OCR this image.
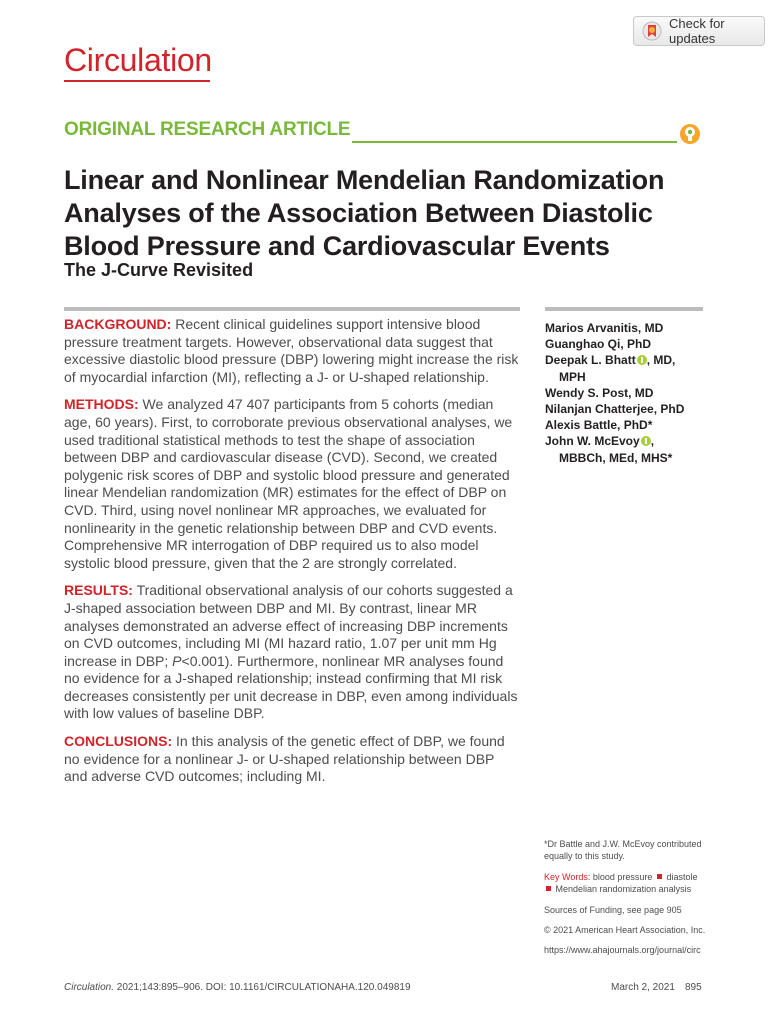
Circulation
Check for updates
ORIGINAL RESEARCH ARTICLE
Linear and Nonlinear Mendelian Randomization Analyses of the Association Between Diastolic Blood Pressure and Cardiovascular Events
The J-Curve Revisited

BACKGROUND: Recent clinical guidelines support intensive blood pressure treatment targets. However, observational data suggest that excessive diastolic blood pressure (DBP) lowering might increase the risk of myocardial infarction (MI), reflecting a J- or U-shaped relationship.

METHODS: We analyzed 47 407 participants from 5 cohorts (median age, 60 years). First, to corroborate previous observational analyses, we used traditional statistical methods to test the shape of association between DBP and cardiovascular disease (CVD). Second, we created polygenic risk scores of DBP and systolic blood pressure and generated linear Mendelian randomization (MR) estimates for the effect of DBP on CVD. Third, using novel nonlinear MR approaches, we evaluated for nonlinearity in the genetic relationship between DBP and CVD events. Comprehensive MR interrogation of DBP required us to also model systolic blood pressure, given that the 2 are strongly correlated.

RESULTS: Traditional observational analysis of our cohorts suggested a J-shaped association between DBP and MI. By contrast, linear MR analyses demonstrated an adverse effect of increasing DBP increments on CVD outcomes, including MI (MI hazard ratio, 1.07 per unit mm Hg increase in DBP; P<0.001). Furthermore, nonlinear MR analyses found no evidence for a J-shaped relationship; instead confirming that MI risk decreases consistently per unit decrease in DBP, even among individuals with low values of baseline DBP.

CONCLUSIONS: In this analysis of the genetic effect of DBP, we found no evidence for a nonlinear J- or U-shaped relationship between DBP and adverse CVD outcomes; including MI.

Marios Arvanitis, MD
Guanghao Qi, PhD
Deepak L. Bhatt , MD,
MPH
Wendy S. Post, MD
Nilanjan Chatterjee, PhD
Alexis Battle, PhD*
John W. McEvoy ,
MBBCh, MEd, MHS*

*Dr Battle and J.W. McEvoy contributed equally to this study.

Key Words: blood pressure diastole
Mendelian randomization analysis

Sources of Funding, see page 905

© 2021 American Heart Association, Inc.

https://www.ahajournals.org/journal/circ

Circulation. 2021;143:895–906. DOI: 10.1161/CIRCULATIONAHA.120.049819	March 2, 2021 895
